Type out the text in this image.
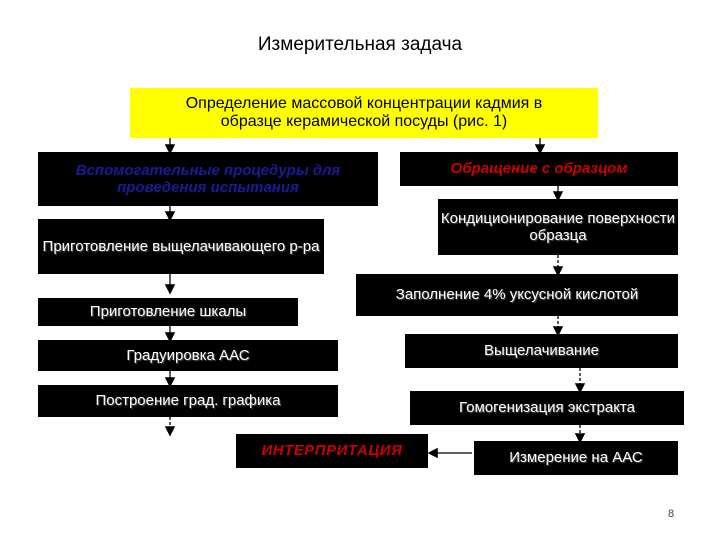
Измерительная задача
Определение массовой концентрации кадмия в образце керамической посуды (рис. 1)
Вспомогательные процедуры для проведения испытания
Обращение с образцом
Кондиционирование поверхности образца
Приготовление выщелачивающего р-ра
Заполнение 4% уксусной кислотой
Приготовление шкалы
Градуировка ААС	Выщелачивание
Построение град. графика	Гомогенизация экстракта
ИНТЕРПРИТАЦИЯ	Измерение на ААС
8
